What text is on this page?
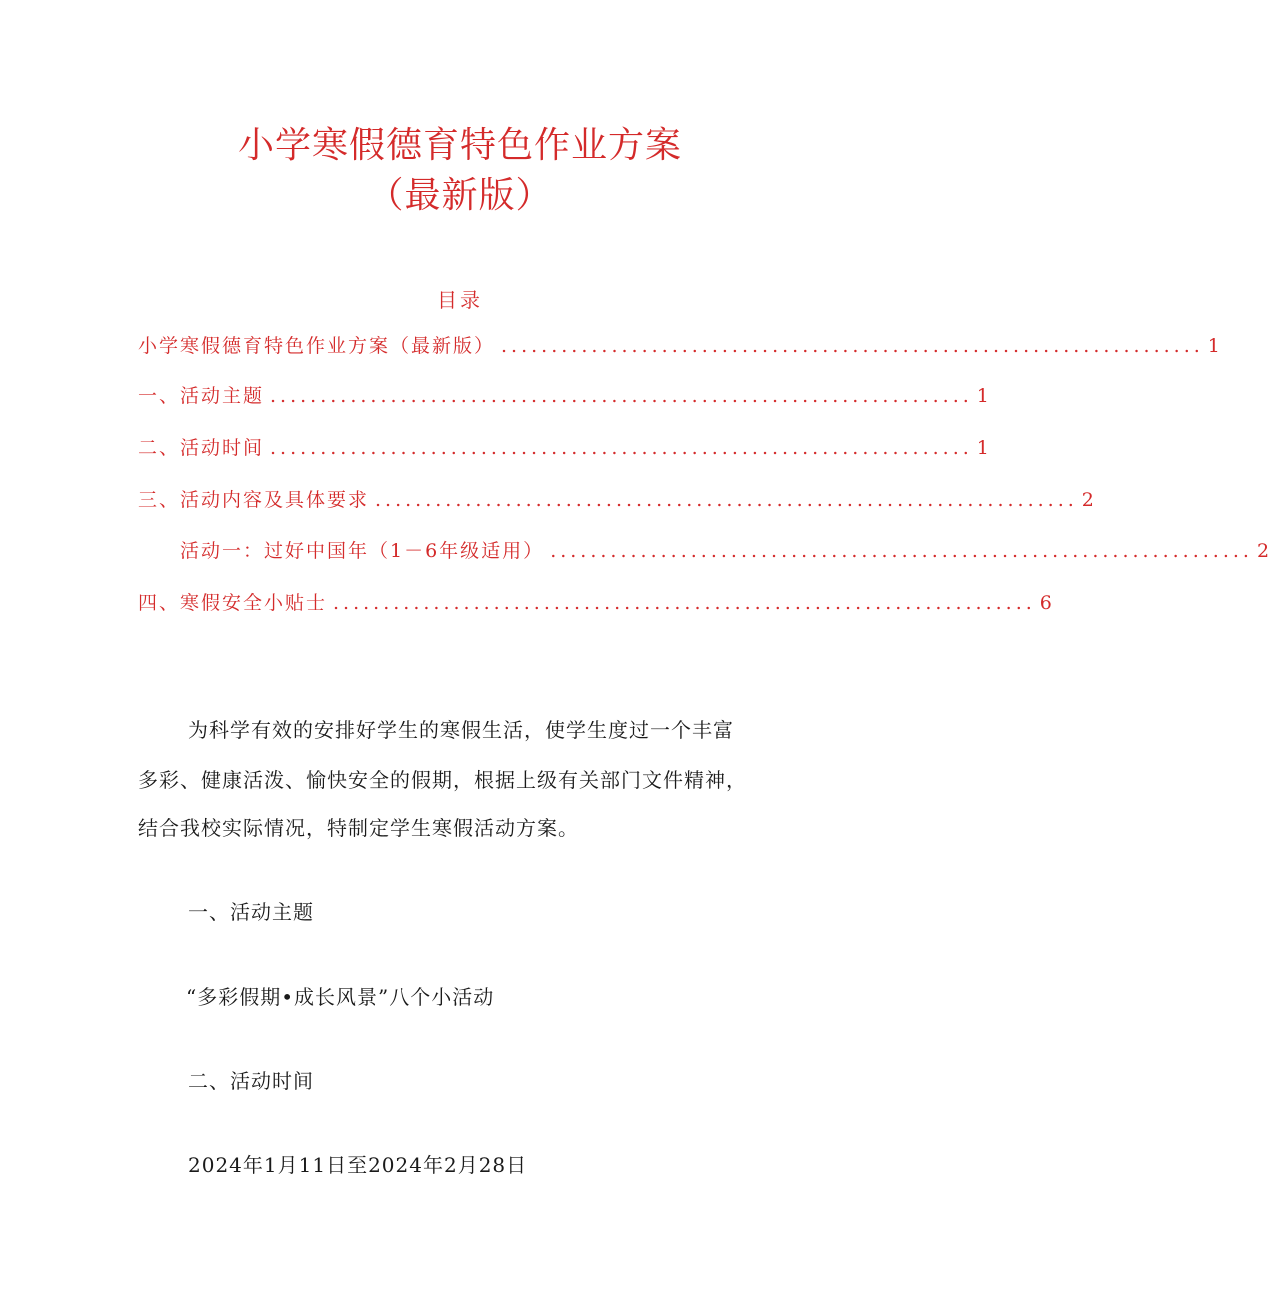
小学寒假德育特色作业方案
（最新版）
目录
小学寒假德育特色作业方案（最新版） ...................................................................... 1
一、活动主题 ...................................................................... 1
二、活动时间 ...................................................................... 1
三、活动内容及具体要求 ...................................................................... 2
活动一：过好中国年（1－6年级适用） ...................................................................... 2
四、寒假安全小贴士 ...................................................................... 6
为科学有效的安排好学生的寒假生活，使学生度过一个丰富
多彩、健康活泼、愉快安全的假期，根据上级有关部门文件精神，
结合我校实际情况，特制定学生寒假活动方案。
一、活动主题
“多彩假期•成长风景”八个小活动
二、活动时间
2024年1月11日至2024年2月28日
